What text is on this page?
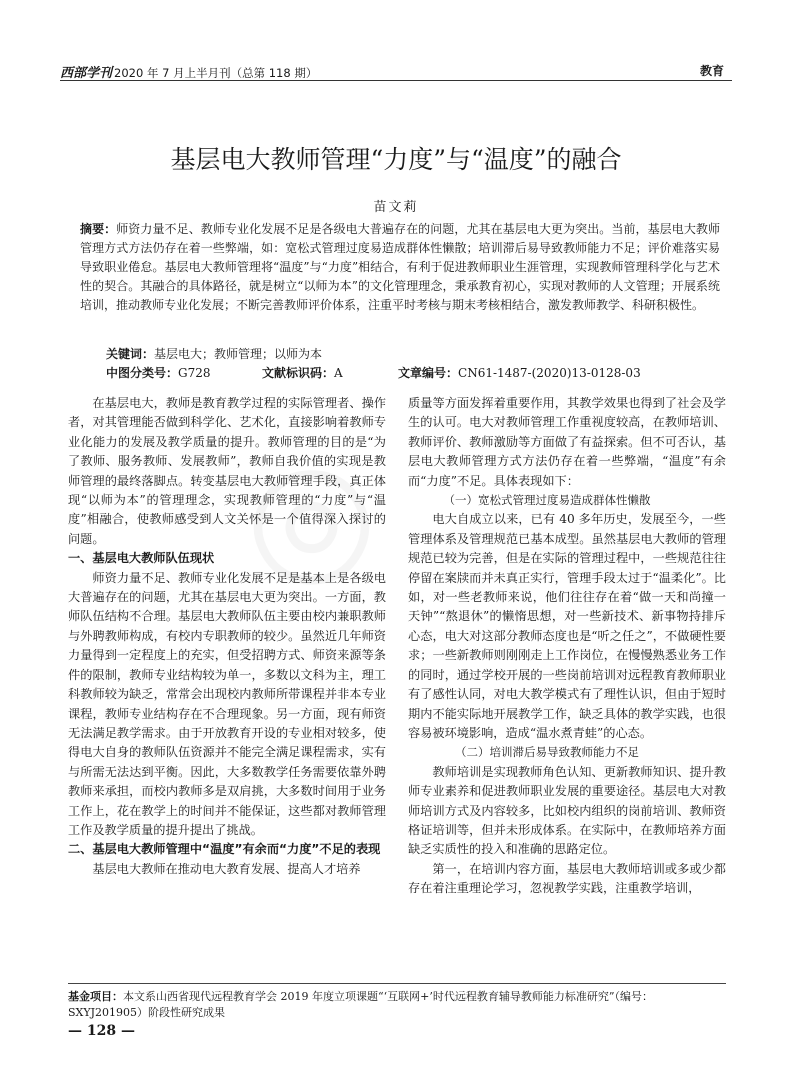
西部学刊 2020 年 7 月上半月刊（总第 118 期）	教育
基层电大教师管理“力度”与“温度”的融合
苗文莉
摘要：师资力量不足、教师专业化发展不足是各级电大普遍存在的问题，尤其在基层电大更为突出。当前，基层电大教师管理方式方法仍存在着一些弊端，如：宽松式管理过度易造成群体性懒散；培训滞后易导致教师能力不足；评价难落实易导致职业倦怠。基层电大教师管理将“温度”与“力度”相结合，有利于促进教师职业生涯管理，实现教师管理科学化与艺术性的契合。其融合的具体路径，就是树立“以师为本”的文化管理理念，秉承教育初心，实现对教师的人文管理；开展系统培训，推动教师专业化发展；不断完善教师评价体系，注重平时考核与期末考核相结合，激发教师教学、科研积极性。
关键词：基层电大；教师管理；以师为本
中图分类号：G728	文献标识码：A	文章编号：CN61-1487-(2020)13-0128-03

在基层电大，教师是教育教学过程的实际管理者、操作者，对其管理能否做到科学化、艺术化，直接影响着教师专业化能力的发展及教学质量的提升。教师管理的目的是“为了教师、服务教师、发展教师”，教师自我价值的实现是教师管理的最终落脚点。转变基层电大教师管理手段，真正体现“以师为本”的管理理念，实现教师管理的“力度”与“温度”相融合，使教师感受到人文关怀是一个值得深入探讨的问题。

一、基层电大教师队伍现状

师资力量不足、教师专业化发展不足是基本上是各级电大普遍存在的问题，尤其在基层电大更为突出。一方面，教师队伍结构不合理。基层电大教师队伍主要由校内兼职教师与外聘教师构成，有校内专职教师的较少。虽然近几年师资力量得到一定程度上的充实，但受招聘方式、师资来源等条件的限制，教师专业结构较为单一，多数以文科为主，理工科教师较为缺乏，常常会出现校内教师所带课程并非本专业课程，教师专业结构存在不合理现象。另一方面，现有师资无法满足教学需求。由于开放教育开设的专业相对较多，使得电大自身的教师队伍资源并不能完全满足课程需求，实有与所需无法达到平衡。因此，大多数教学任务需要依靠外聘教师来承担，而校内教师多是双肩挑，大多数时间用于业务工作上，花在教学上的时间并不能保证，这些都对教师管理工作及教学质量的提升提出了挑战。

二、基层电大教师管理中“温度”有余而“力度”不足的表现

基层电大教师在推动电大教育发展、提高人才培养

质量等方面发挥着重要作用，其教学效果也得到了社会及学生的认可。电大对教师管理工作重视度较高，在教师培训、教师评价、教师激励等方面做了有益探索。但不可否认，基层电大教师管理方式方法仍存在着一些弊端，“温度”有余而“力度”不足。具体表现如下：

（一）宽松式管理过度易造成群体性懒散

电大自成立以来，已有 40 多年历史，发展至今，一些管理体系及管理规范已基本成型。虽然基层电大教师的管理规范已较为完善，但是在实际的管理过程中，一些规范往往停留在案牍而并未真正实行，管理手段太过于“温柔化”。比如，对一些老教师来说，他们往往存在着“做一天和尚撞一天钟”“熬退休”的懒惰思想，对一些新技术、新事物持排斥心态，电大对这部分教师态度也是“听之任之”，不做硬性要求；一些新教师则刚刚走上工作岗位，在慢慢熟悉业务工作的同时，通过学校开展的一些岗前培训对远程教育教师职业有了感性认同，对电大教学模式有了理性认识，但由于短时期内不能实际地开展教学工作，缺乏具体的教学实践，也很容易被环境影响，造成“温水煮青蛙”的心态。

（二）培训滞后易导致教师能力不足

教师培训是实现教师角色认知、更新教师知识、提升教师专业素养和促进教师职业发展的重要途径。基层电大对教师培训方式及内容较多，比如校内组织的岗前培训、教师资格证培训等，但并未形成体系。在实际中，在教师培养方面缺乏实质性的投入和准确的思路定位。

第一，在培训内容方面，基层电大教师培训或多或少都存在着注重理论学习，忽视教学实践，注重教学培训，

基金项目：本文系山西省现代远程教育学会 2019 年度立项课题“‘互联网+’时代远程教育辅导教师能力标准研究”（编号：SXYJ201905）阶段性研究成果
— 128 —
